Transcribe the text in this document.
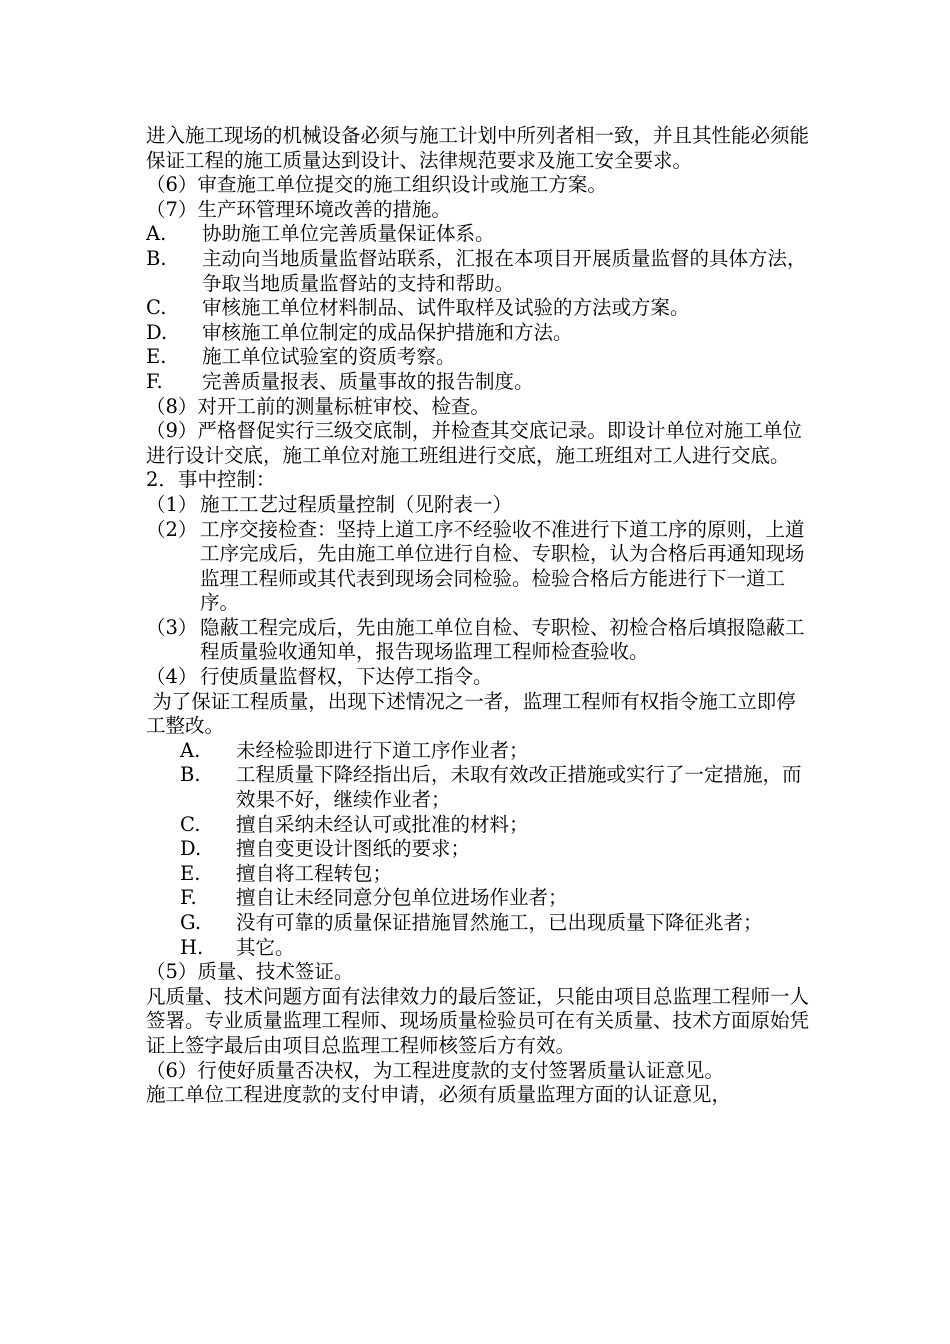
进入施工现场的机械设备必须与施工计划中所列者相一致，并且其性能必须能保证工程的施工质量达到设计、法律规范要求及施工安全要求。

（6）审查施工单位提交的施工组织设计或施工方案。

（7）生产环管理环境改善的措施。

A.	协助施工单位完善质量保证体系。
B.	主动向当地质量监督站联系，汇报在本项目开展质量监督的具体方法，争取当地质量监督站的支持和帮助。
C.	审核施工单位材料制品、试件取样及试验的方法或方案。
D.	审核施工单位制定的成品保护措施和方法。
E.	施工单位试验室的资质考察。
F.	完善质量报表、质量事故的报告制度。

（8）对开工前的测量标桩审校、检查。

（9）严格督促实行三级交底制，并检查其交底记录。即设计单位对施工单位进行设计交底，施工单位对施工班组进行交底，施工班组对工人进行交底。

2．事中控制：

（1） 施工工艺过程质量控制（见附表一）
（2） 工序交接检查：坚持上道工序不经验收不准进行下道工序的原则，上道工序完成后，先由施工单位进行自检、专职检，认为合格后再通知现场监理工程师或其代表到现场会同检验。检验合格后方能进行下一道工序。
（3） 隐蔽工程完成后，先由施工单位自检、专职检、初检合格后填报隐蔽工程质量验收通知单，报告现场监理工程师检查验收。
（4） 行使质量监督权，下达停工指令。

为了保证工程质量，出现下述情况之一者，监理工程师有权指令施工立即停工整改。

A.	未经检验即进行下道工序作业者；
B.	工程质量下降经指出后，未取有效改正措施或实行了一定措施，而效果不好，继续作业者；
C.	擅自采纳未经认可或批准的材料；
D.	擅自变更设计图纸的要求；
E.	擅自将工程转包；
F.	擅自让未经同意分包单位进场作业者；
G.	没有可靠的质量保证措施冒然施工，已出现质量下降征兆者；
H.	其它。

（5）质量、技术签证。

凡质量、技术问题方面有法律效力的最后签证，只能由项目总监理工程师一人签署。专业质量监理工程师、现场质量检验员可在有关质量、技术方面原始凭证上签字最后由项目总监理工程师核签后方有效。

（6）行使好质量否决权，为工程进度款的支付签署质量认证意见。

施工单位工程进度款的支付申请，必须有质量监理方面的认证意见，
